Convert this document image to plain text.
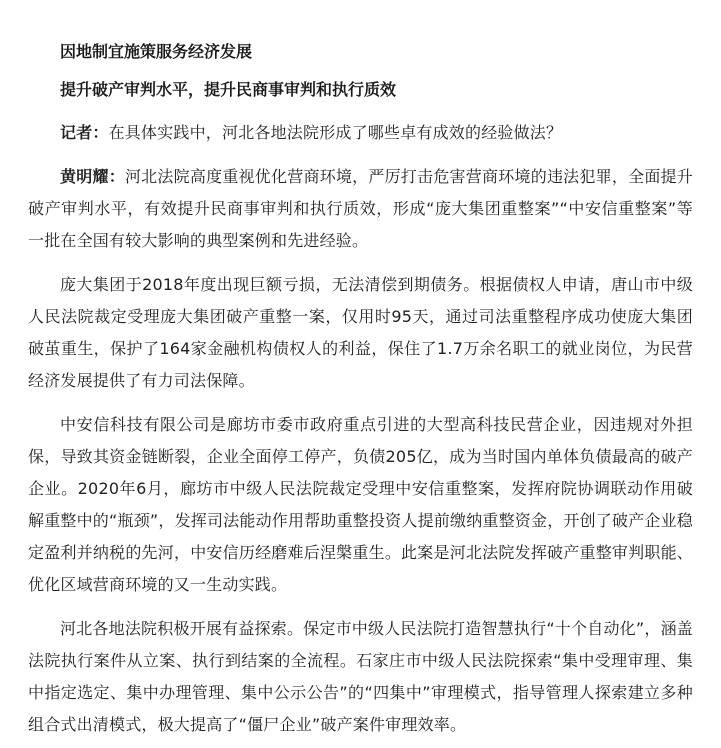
因地制宜施策服务经济发展

提升破产审判水平，提升民商事审判和执行质效

记者：在具体实践中，河北各地法院形成了哪些卓有成效的经验做法？

黄明耀：河北法院高度重视优化营商环境，严厉打击危害营商环境的违法犯罪，全面提升破产审判水平，有效提升民商事审判和执行质效，形成“庞大集团重整案”“中安信重整案”等一批在全国有较大影响的典型案例和先进经验。

庞大集团于2018年度出现巨额亏损，无法清偿到期债务。根据债权人申请，唐山市中级人民法院裁定受理庞大集团破产重整一案，仅用时95天，通过司法重整程序成功使庞大集团破茧重生，保护了164家金融机构债权人的利益，保住了1.7万余名职工的就业岗位，为民营经济发展提供了有力司法保障。

中安信科技有限公司是廊坊市委市政府重点引进的大型高科技民营企业，因违规对外担保，导致其资金链断裂，企业全面停工停产，负债205亿，成为当时国内单体负债最高的破产企业。2020年6月，廊坊市中级人民法院裁定受理中安信重整案，发挥府院协调联动作用破解重整中的“瓶颈”，发挥司法能动作用帮助重整投资人提前缴纳重整资金，开创了破产企业稳定盈利并纳税的先河，中安信历经磨难后涅槃重生。此案是河北法院发挥破产重整审判职能、优化区域营商环境的又一生动实践。

河北各地法院积极开展有益探索。保定市中级人民法院打造智慧执行“十个自动化”，涵盖法院执行案件从立案、执行到结案的全流程。石家庄市中级人民法院探索“集中受理审理、集中指定选定、集中办理管理、集中公示公告”的“四集中”审理模式，指导管理人探索建立多种组合式出清模式，极大提高了“僵尸企业”破产案件审理效率。
